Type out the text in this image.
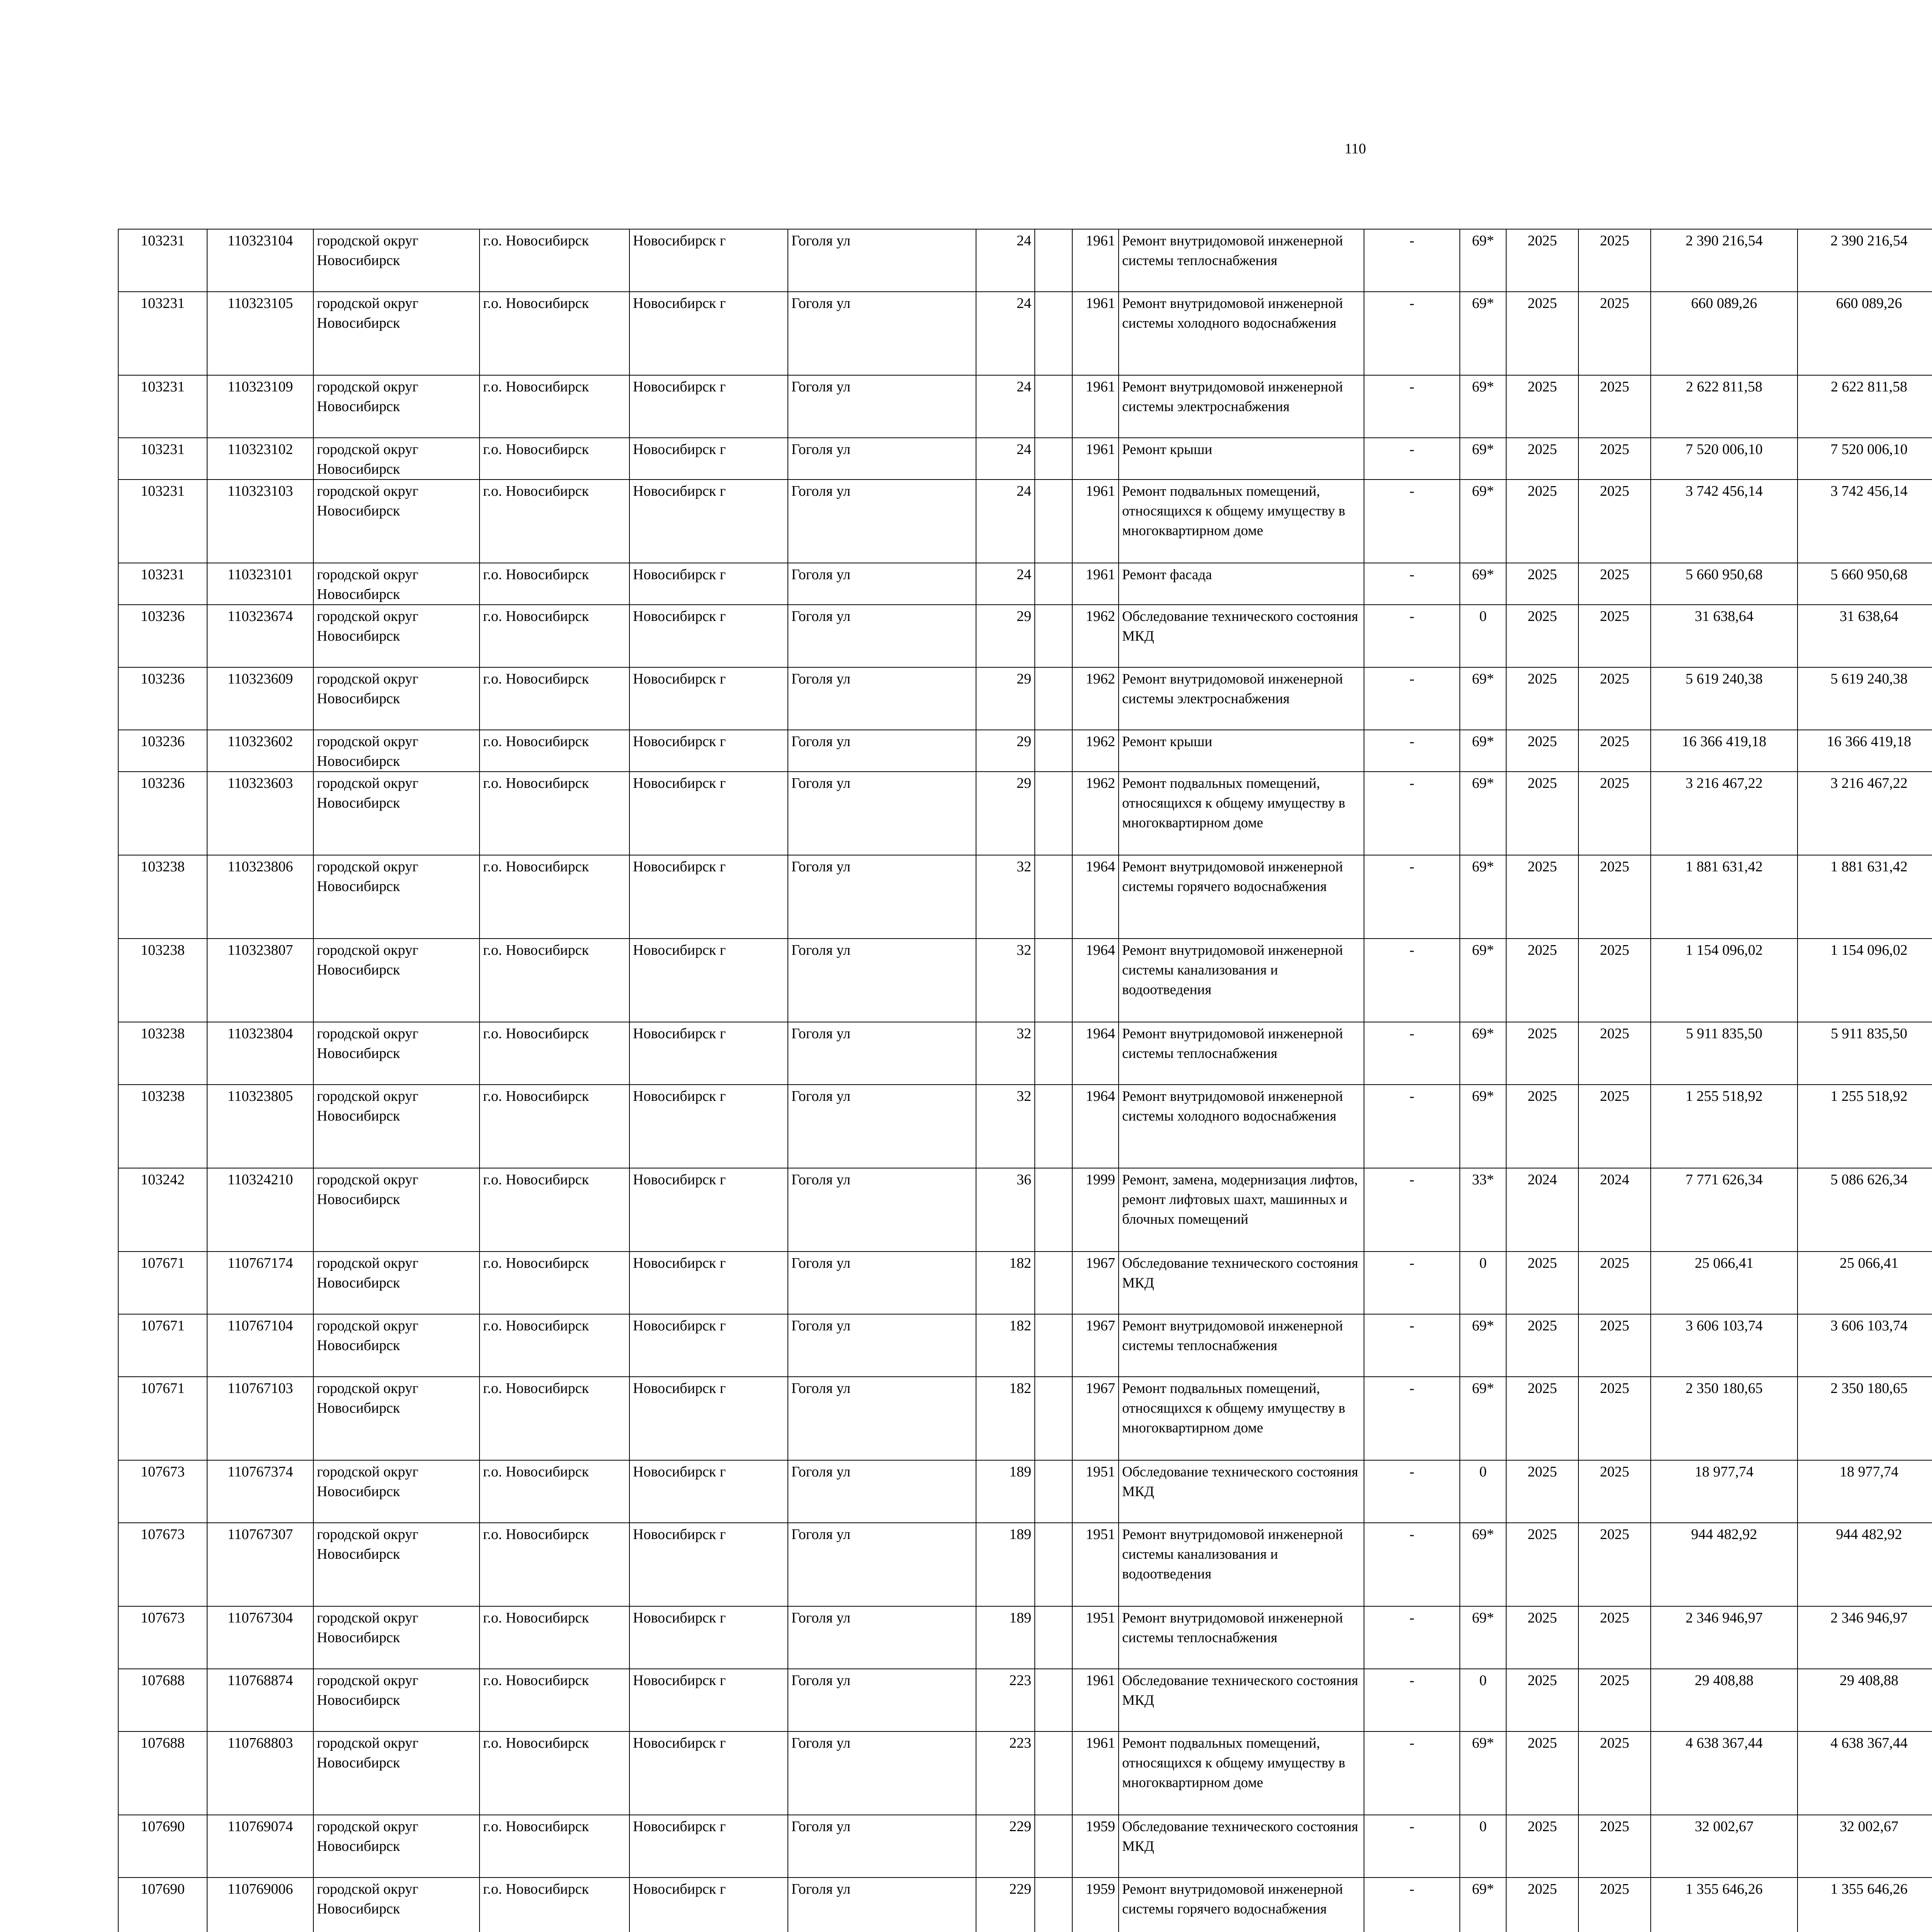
110
103231	110323104	городской округ Новосибирск	г.о. Новосибирск	Новосибирск г	Гоголя ул	24		1961	Ремонт внутридомовой инженерной системы теплоснабжения	-	69*	2025	2025	2 390 216,54	2 390 216,54						
103231	110323105	городской округ Новосибирск	г.о. Новосибирск	Новосибирск г	Гоголя ул	24		1961	Ремонт внутридомовой инженерной системы холодного водоснабжения	-	69*	2025	2025	660 089,26	660 089,26						
103231	110323109	городской округ Новосибирск	г.о. Новосибирск	Новосибирск г	Гоголя ул	24		1961	Ремонт внутридомовой инженерной системы электроснабжения	-	69*	2025	2025	2 622 811,58	2 622 811,58						
103231	110323102	городской округ Новосибирск	г.о. Новосибирск	Новосибирск г	Гоголя ул	24		1961	Ремонт крыши	-	69*	2025	2025	7 520 006,10	7 520 006,10						
103231	110323103	городской округ Новосибирск	г.о. Новосибирск	Новосибирск г	Гоголя ул	24		1961	Ремонт подвальных помещений, относящихся к общему имуществу в многоквартирном доме	-	69*	2025	2025	3 742 456,14	3 742 456,14						
103231	110323101	городской округ Новосибирск	г.о. Новосибирск	Новосибирск г	Гоголя ул	24		1961	Ремонт фасада	-	69*	2025	2025	5 660 950,68	5 660 950,68						
103236	110323674	городской округ Новосибирск	г.о. Новосибирск	Новосибирск г	Гоголя ул	29		1962	Обследование технического состояния МКД	-	0	2025	2025	31 638,64	31 638,64						
103236	110323609	городской округ Новосибирск	г.о. Новосибирск	Новосибирск г	Гоголя ул	29		1962	Ремонт внутридомовой инженерной системы электроснабжения	-	69*	2025	2025	5 619 240,38	5 619 240,38						
103236	110323602	городской округ Новосибирск	г.о. Новосибирск	Новосибирск г	Гоголя ул	29		1962	Ремонт крыши	-	69*	2025	2025	16 366 419,18	16 366 419,18						
103236	110323603	городской округ Новосибирск	г.о. Новосибирск	Новосибирск г	Гоголя ул	29		1962	Ремонт подвальных помещений, относящихся к общему имуществу в многоквартирном доме	-	69*	2025	2025	3 216 467,22	3 216 467,22						
103238	110323806	городской округ Новосибирск	г.о. Новосибирск	Новосибирск г	Гоголя ул	32		1964	Ремонт внутридомовой инженерной системы горячего водоснабжения	-	69*	2025	2025	1 881 631,42	1 881 631,42						
103238	110323807	городской округ Новосибирск	г.о. Новосибирск	Новосибирск г	Гоголя ул	32		1964	Ремонт внутридомовой инженерной системы канализования и водоотведения	-	69*	2025	2025	1 154 096,02	1 154 096,02						
103238	110323804	городской округ Новосибирск	г.о. Новосибирск	Новосибирск г	Гоголя ул	32		1964	Ремонт внутридомовой инженерной системы теплоснабжения	-	69*	2025	2025	5 911 835,50	5 911 835,50						
103238	110323805	городской округ Новосибирск	г.о. Новосибирск	Новосибирск г	Гоголя ул	32		1964	Ремонт внутридомовой инженерной системы холодного водоснабжения	-	69*	2025	2025	1 255 518,92	1 255 518,92						
103242	110324210	городской округ Новосибирск	г.о. Новосибирск	Новосибирск г	Гоголя ул	36		1999	Ремонт, замена, модернизация лифтов, ремонт лифтовых шахт, машинных и блочных помещений	-	33*	2024	2024	7 771 626,34	5 086 626,34						
107671	110767174	городской округ Новосибирск	г.о. Новосибирск	Новосибирск г	Гоголя ул	182		1967	Обследование технического состояния МКД	-	0	2025	2025	25 066,41	25 066,41						
107671	110767104	городской округ Новосибирск	г.о. Новосибирск	Новосибирск г	Гоголя ул	182		1967	Ремонт внутридомовой инженерной системы теплоснабжения	-	69*	2025	2025	3 606 103,74	3 606 103,74						
107671	110767103	городской округ Новосибирск	г.о. Новосибирск	Новосибирск г	Гоголя ул	182		1967	Ремонт подвальных помещений, относящихся к общему имуществу в многоквартирном доме	-	69*	2025	2025	2 350 180,65	2 350 180,65						
107673	110767374	городской округ Новосибирск	г.о. Новосибирск	Новосибирск г	Гоголя ул	189		1951	Обследование технического состояния МКД	-	0	2025	2025	18 977,74	18 977,74						
107673	110767307	городской округ Новосибирск	г.о. Новосибирск	Новосибирск г	Гоголя ул	189		1951	Ремонт внутридомовой инженерной системы канализования и водоотведения	-	69*	2025	2025	944 482,92	944 482,92						
107673	110767304	городской округ Новосибирск	г.о. Новосибирск	Новосибирск г	Гоголя ул	189		1951	Ремонт внутридомовой инженерной системы теплоснабжения	-	69*	2025	2025	2 346 946,97	2 346 946,97						
107688	110768874	городской округ Новосибирск	г.о. Новосибирск	Новосибирск г	Гоголя ул	223		1961	Обследование технического состояния МКД	-	0	2025	2025	29 408,88	29 408,88						
107688	110768803	городской округ Новосибирск	г.о. Новосибирск	Новосибирск г	Гоголя ул	223		1961	Ремонт подвальных помещений, относящихся к общему имуществу в многоквартирном доме	-	69*	2025	2025	4 638 367,44	4 638 367,44						
107690	110769074	городской округ Новосибирск	г.о. Новосибирск	Новосибирск г	Гоголя ул	229		1959	Обследование технического состояния МКД	-	0	2025	2025	32 002,67	32 002,67						
107690	110769006	городской округ Новосибирск	г.о. Новосибирск	Новосибирск г	Гоголя ул	229		1959	Ремонт внутридомовой инженерной системы горячего водоснабжения	-	69*	2025	2025	1 355 646,26	1 355 646,26						
